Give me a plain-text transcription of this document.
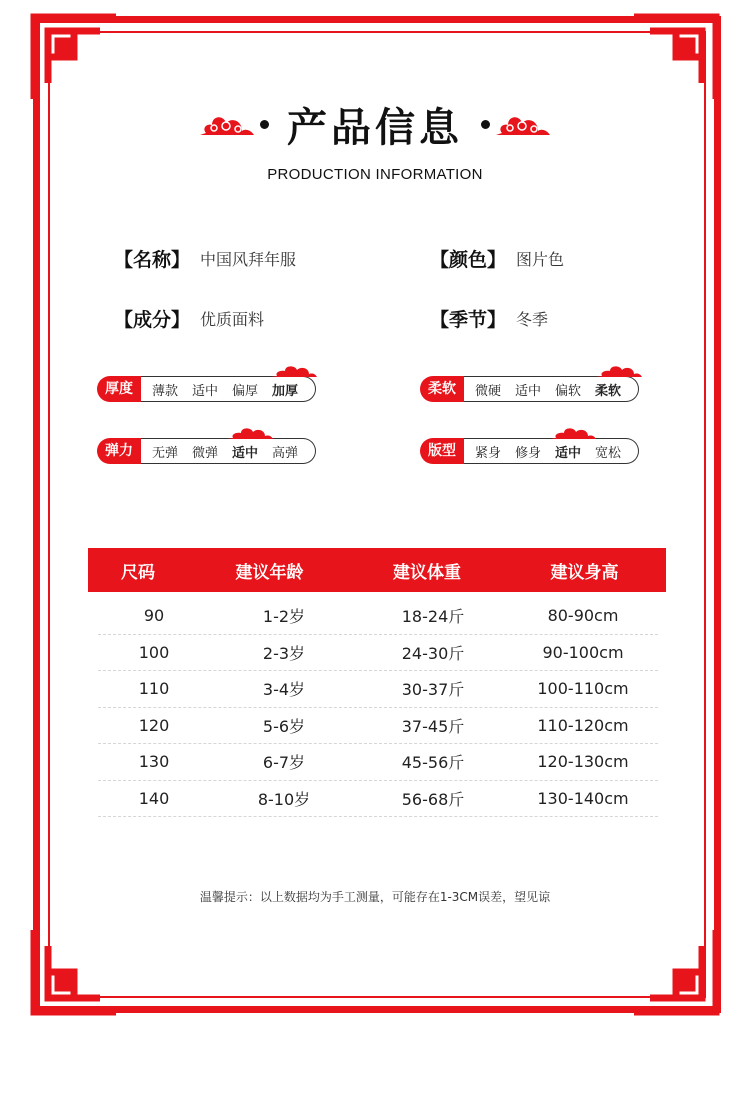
产品信息
PRODUCTION INFORMATION
【名称】 中国风拜年服	【颜色】 图片色
【成分】 优质面料	【季节】 冬季
厚度	薄款 适中 偏厚 加厚	柔软	微硬 适中 偏软 柔软
弹力	无弹 微弹 适中 高弹	版型	紧身 修身 适中 宽松
尺码	建议年龄	建议体重	建议身高
90	1-2岁	18-24斤	80-90cm
100	2-3岁	24-30斤	90-100cm
110	3-4岁	30-37斤	100-110cm
120	5-6岁	37-45斤	110-120cm
130	6-7岁	45-56斤	120-130cm
140	8-10岁	56-68斤	130-140cm
温馨提示：以上数据均为手工测量，可能存在1-3CM误差，望见谅
